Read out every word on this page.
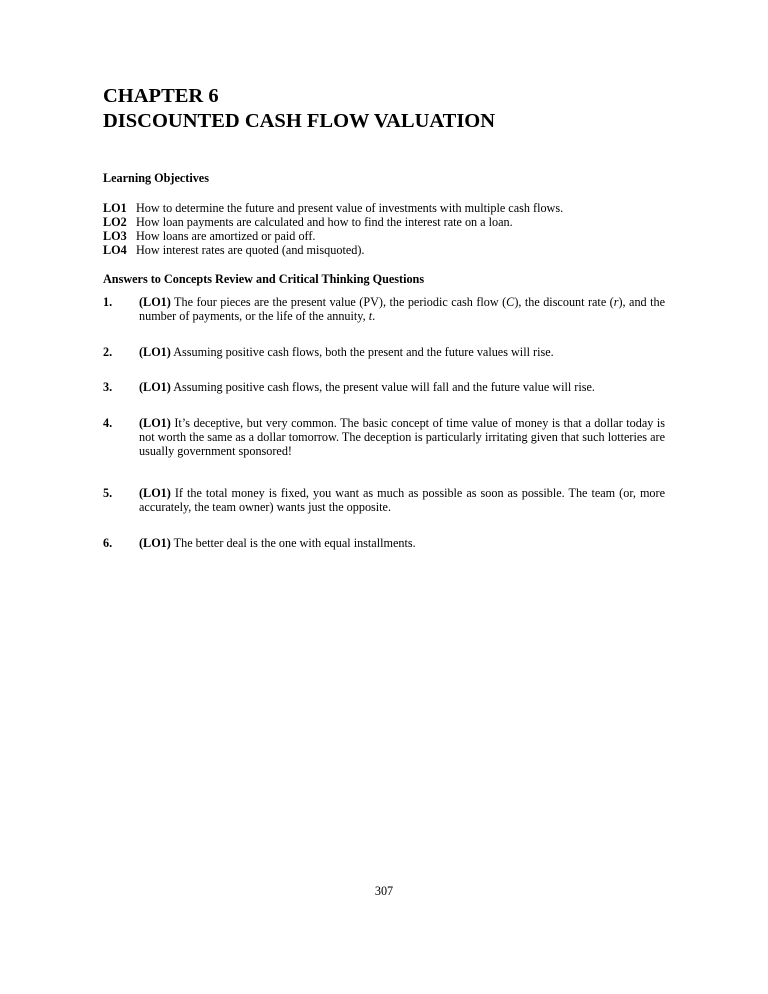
CHAPTER 6
DISCOUNTED CASH FLOW VALUATION
Learning Objectives
LO1 How to determine the future and present value of investments with multiple cash flows.
LO2 How loan payments are calculated and how to find the interest rate on a loan.
LO3 How loans are amortized or paid off.
LO4 How interest rates are quoted (and misquoted).
Answers to Concepts Review and Critical Thinking Questions
1. (LO1) The four pieces are the present value (PV), the periodic cash flow (C), the discount rate (r), and the number of payments, or the life of the annuity, t.
2. (LO1) Assuming positive cash flows, both the present and the future values will rise.
3. (LO1) Assuming positive cash flows, the present value will fall and the future value will rise.
4. (LO1) It’s deceptive, but very common. The basic concept of time value of money is that a dollar today is not worth the same as a dollar tomorrow. The deception is particularly irritating given that such lotteries are usually government sponsored!
5. (LO1) If the total money is fixed, you want as much as possible as soon as possible. The team (or, more accurately, the team owner) wants just the opposite.
6. (LO1) The better deal is the one with equal installments.
307
